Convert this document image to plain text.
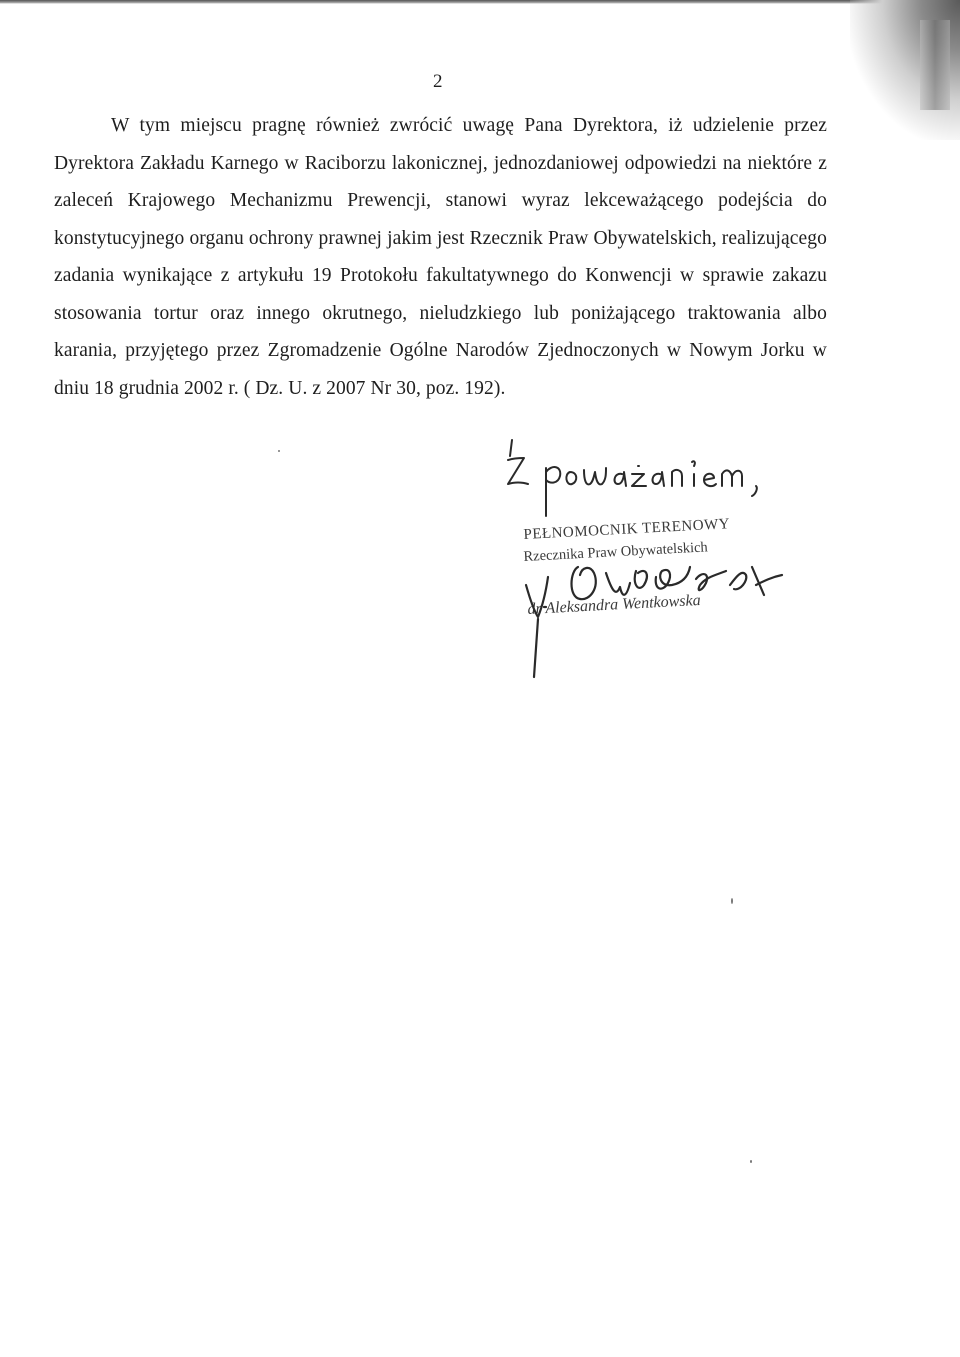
2

W tym miejscu pragnę również zwrócić uwagę Pana Dyrektora, iż udzielenie przez Dyrektora Zakładu Karnego w Raciborzu lakonicznej, jednozdaniowej odpowiedzi na niektóre z zaleceń Krajowego Mechanizmu Prewencji, stanowi wyraz lekceważącego podejścia do konstytucyjnego organu ochrony prawnej jakim jest Rzecznik Praw Obywatelskich, realizującego zadania wynikające z artykułu 19 Protokołu fakultatywnego do Konwencji w sprawie zakazu stosowania tortur oraz innego okrutnego, nieludzkiego lub poniżającego traktowania albo karania, przyjętego przez Zgromadzenie Ogólne Narodów Zjednoczonych w Nowym Jorku w dniu 18 grudnia 2002 r. ( Dz. U. z 2007 Nr 30, poz. 192).

PEŁNOMOCNIK TERENOWY
Rzecznika Praw Obywatelskich
dr Aleksandra Wentkowska
